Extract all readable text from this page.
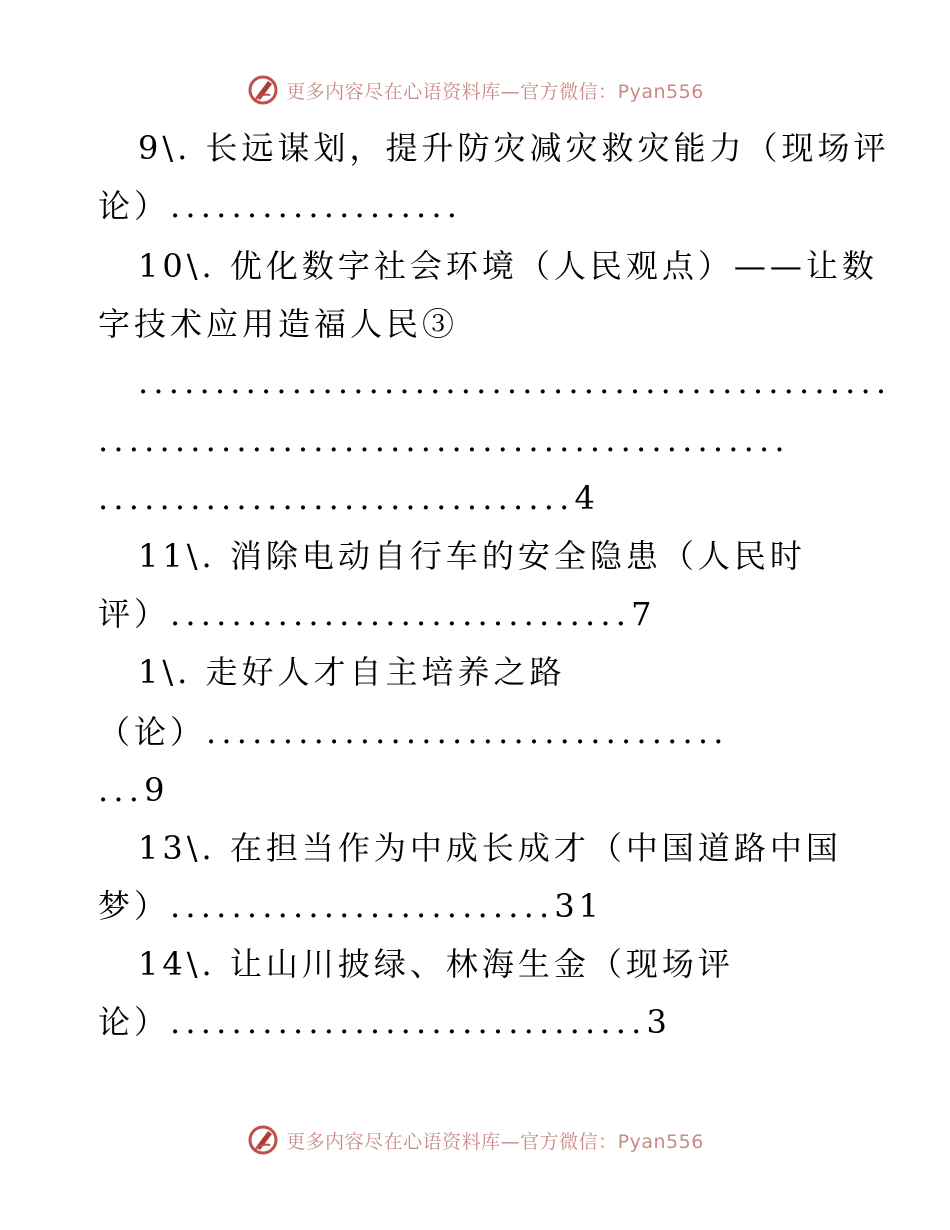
更多内容尽在心语资料库—官方微信：Pyan556
9\. 长远谋划，提升防灾减灾救灾能力（现场评
论）...................
10\. 优化数字社会环境（人民观点）——让数
字技术应用造福人民③
.................................................
.............................................
...............................4
11\. 消除电动自行车的安全隐患（人民时
评）..............................7
1\. 走好人才自主培养之路
（论）..................................
...9
13\. 在担当作为中成长成才（中国道路中国
梦）.........................31
14\. 让山川披绿、林海生金（现场评
论）...............................3
更多内容尽在心语资料库—官方微信：Pyan556
